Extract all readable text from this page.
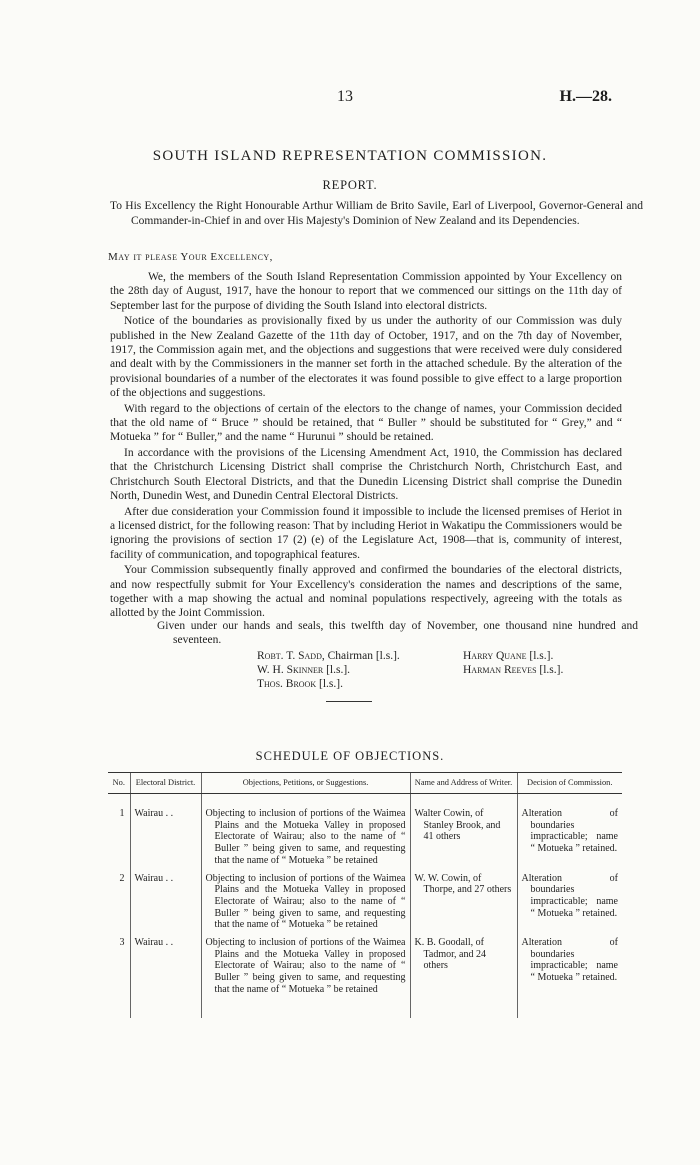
13	H.—28.
SOUTH ISLAND REPRESENTATION COMMISSION.
REPORT.
To His Excellency the Right Honourable Arthur William de Brito Savile, Earl of Liverpool, Governor-General and Commander-in-Chief in and over His Majesty's Dominion of New Zealand and its Dependencies.
May it please Your Excellency,

We, the members of the South Island Representation Commission appointed by Your Excellency on the 28th day of August, 1917, have the honour to report that we commenced our sittings on the 11th day of September last for the purpose of dividing the South Island into electoral districts.

Notice of the boundaries as provisionally fixed by us under the authority of our Commission was duly published in the New Zealand Gazette of the 11th day of October, 1917, and on the 7th day of November, 1917, the Commission again met, and the objections and suggestions that were received were duly considered and dealt with by the Commissioners in the manner set forth in the attached schedule. By the alteration of the provisional boundaries of a number of the electorates it was found possible to give effect to a large proportion of the objections and suggestions.

With regard to the objections of certain of the electors to the change of names, your Commission decided that the old name of “ Bruce ” should be retained, that “ Buller ” should be substituted for “ Grey,” and “ Motueka ” for “ Buller,” and the name “ Hurunui ” should be retained.

In accordance with the provisions of the Licensing Amendment Act, 1910, the Commission has declared that the Christchurch Licensing District shall comprise the Christchurch North, Christchurch East, and Christchurch South Electoral Districts, and that the Dunedin Licensing District shall comprise the Dunedin North, Dunedin West, and Dunedin Central Electoral Districts.

After due consideration your Commission found it impossible to include the licensed premises of Heriot in a licensed district, for the following reason: That by including Heriot in Wakatipu the Commissioners would be ignoring the provisions of section 17 (2) (e) of the Legislature Act, 1908—that is, community of interest, facility of communication, and topographical features.

Your Commission subsequently finally approved and confirmed the boundaries of the electoral districts, and now respectfully submit for Your Excellency's consideration the names and descriptions of the same, together with a map showing the actual and nominal populations respectively, agreeing with the totals as allotted by the Joint Commission.

Given under our hands and seals, this twelfth day of November, one thousand nine hundred and seventeen.
Robt. T. Sadd, Chairman [l.s.].	Harry Quane [l.s.].
W. H. Skinner [l.s.].	Harman Reeves [l.s.].
Thos. Brook [l.s.].
SCHEDULE OF OBJECTIONS.
No.	Electoral District.	Objections, Petitions, or Suggestions.	Name and Address of Writer.	Decision of Commission.
1	Wairau . .	Objecting to inclusion of portions of the Waimea Plains and the Motueka Valley in proposed Electorate of Wairau; also to the name of “ Buller ” being given to same, and requesting that the name of “ Motueka ” be retained	Walter Cowin, of Stanley Brook, and 41 others	Alteration of boundaries impracticable; name “ Motueka ” retained.

2	Wairau . .	Objecting to inclusion of portions of the Waimea Plains and the Motueka Valley in proposed Electorate of Wairau; also to the name of “ Buller ” being given to same, and requesting that the name of “ Motueka ” be retained	W. W. Cowin, of Thorpe, and 27 others	Alteration of boundaries impracticable; name “ Motueka ” retained.

3	Wairau . .	Objecting to inclusion of portions of the Waimea Plains and the Motueka Valley in proposed Electorate of Wairau; also to the name of “ Buller ” being given to same, and requesting that the name of “ Motueka ” be retained	K. B. Goodall, of Tadmor, and 24 others	Alteration of boundaries impracticable; name “ Motueka ” retained.
